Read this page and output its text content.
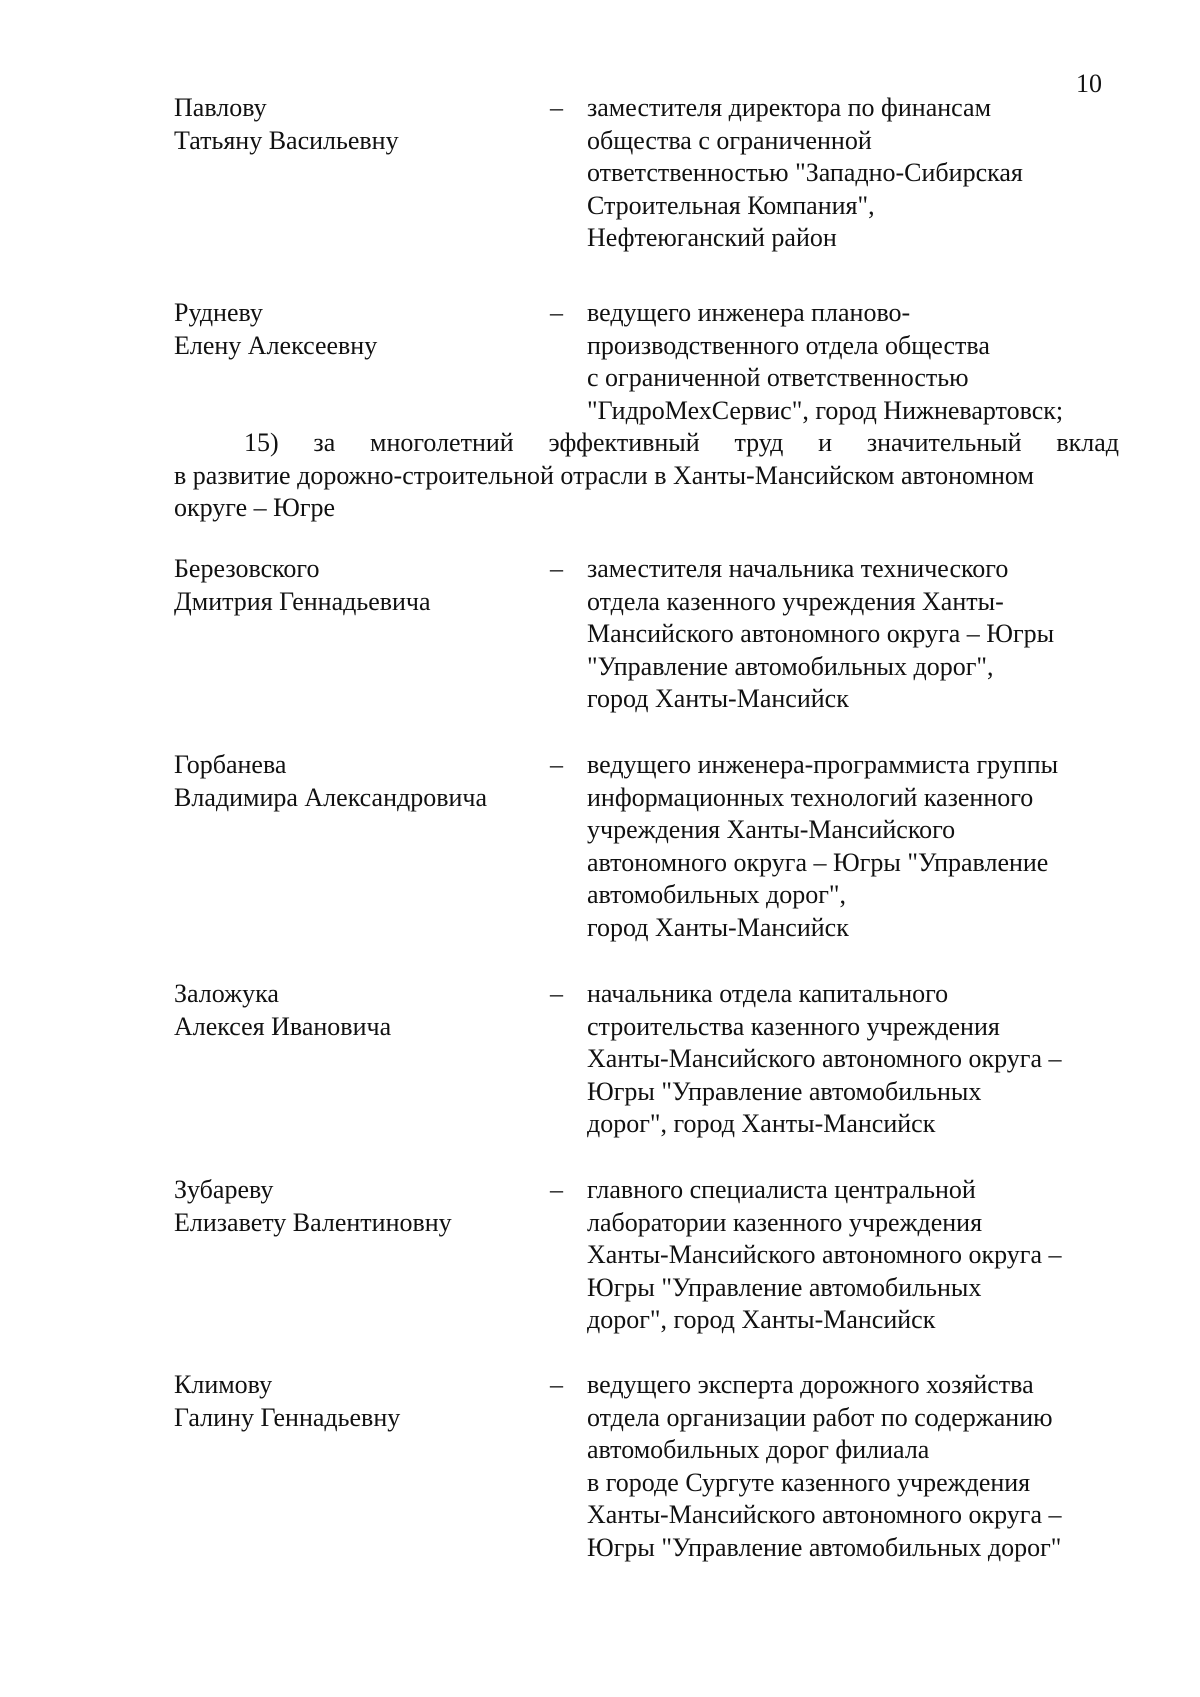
10
Павлову
Татьяну Васильевну
– заместителя директора по финансам
общества с ограниченной
ответственностью "Западно-Сибирская
Строительная Компания",
Нефтеюганский район
Рудневу
Елену Алексеевну
– ведущего инженера планово-
производственного отдела общества
с ограниченной ответственностью
"ГидроМехСервис", город Нижневартовск;
15) за многолетний эффективный труд и значительный вклад
в развитие дорожно-строительной отрасли в Ханты-Мансийском автономном
округе – Югре
Березовского
Дмитрия Геннадьевича
– заместителя начальника технического
отдела казенного учреждения Ханты-
Мансийского автономного округа – Югры
"Управление автомобильных дорог",
город Ханты-Мансийск
Горбанева
Владимира Александровича
– ведущего инженера-программиста группы
информационных технологий казенного
учреждения Ханты-Мансийского
автономного округа – Югры "Управление
автомобильных дорог",
город Ханты-Мансийск
Заложука
Алексея Ивановича
– начальника отдела капитального
строительства казенного учреждения
Ханты-Мансийского автономного округа –
Югры "Управление автомобильных
дорог", город Ханты-Мансийск
Зубареву
Елизавету Валентиновну
– главного специалиста центральной
лаборатории казенного учреждения
Ханты-Мансийского автономного округа –
Югры "Управление автомобильных
дорог", город Ханты-Мансийск
Климову
Галину Геннадьевну
– ведущего эксперта дорожного хозяйства
отдела организации работ по содержанию
автомобильных дорог филиала
в городе Сургуте казенного учреждения
Ханты-Мансийского автономного округа –
Югры "Управление автомобильных дорог"
